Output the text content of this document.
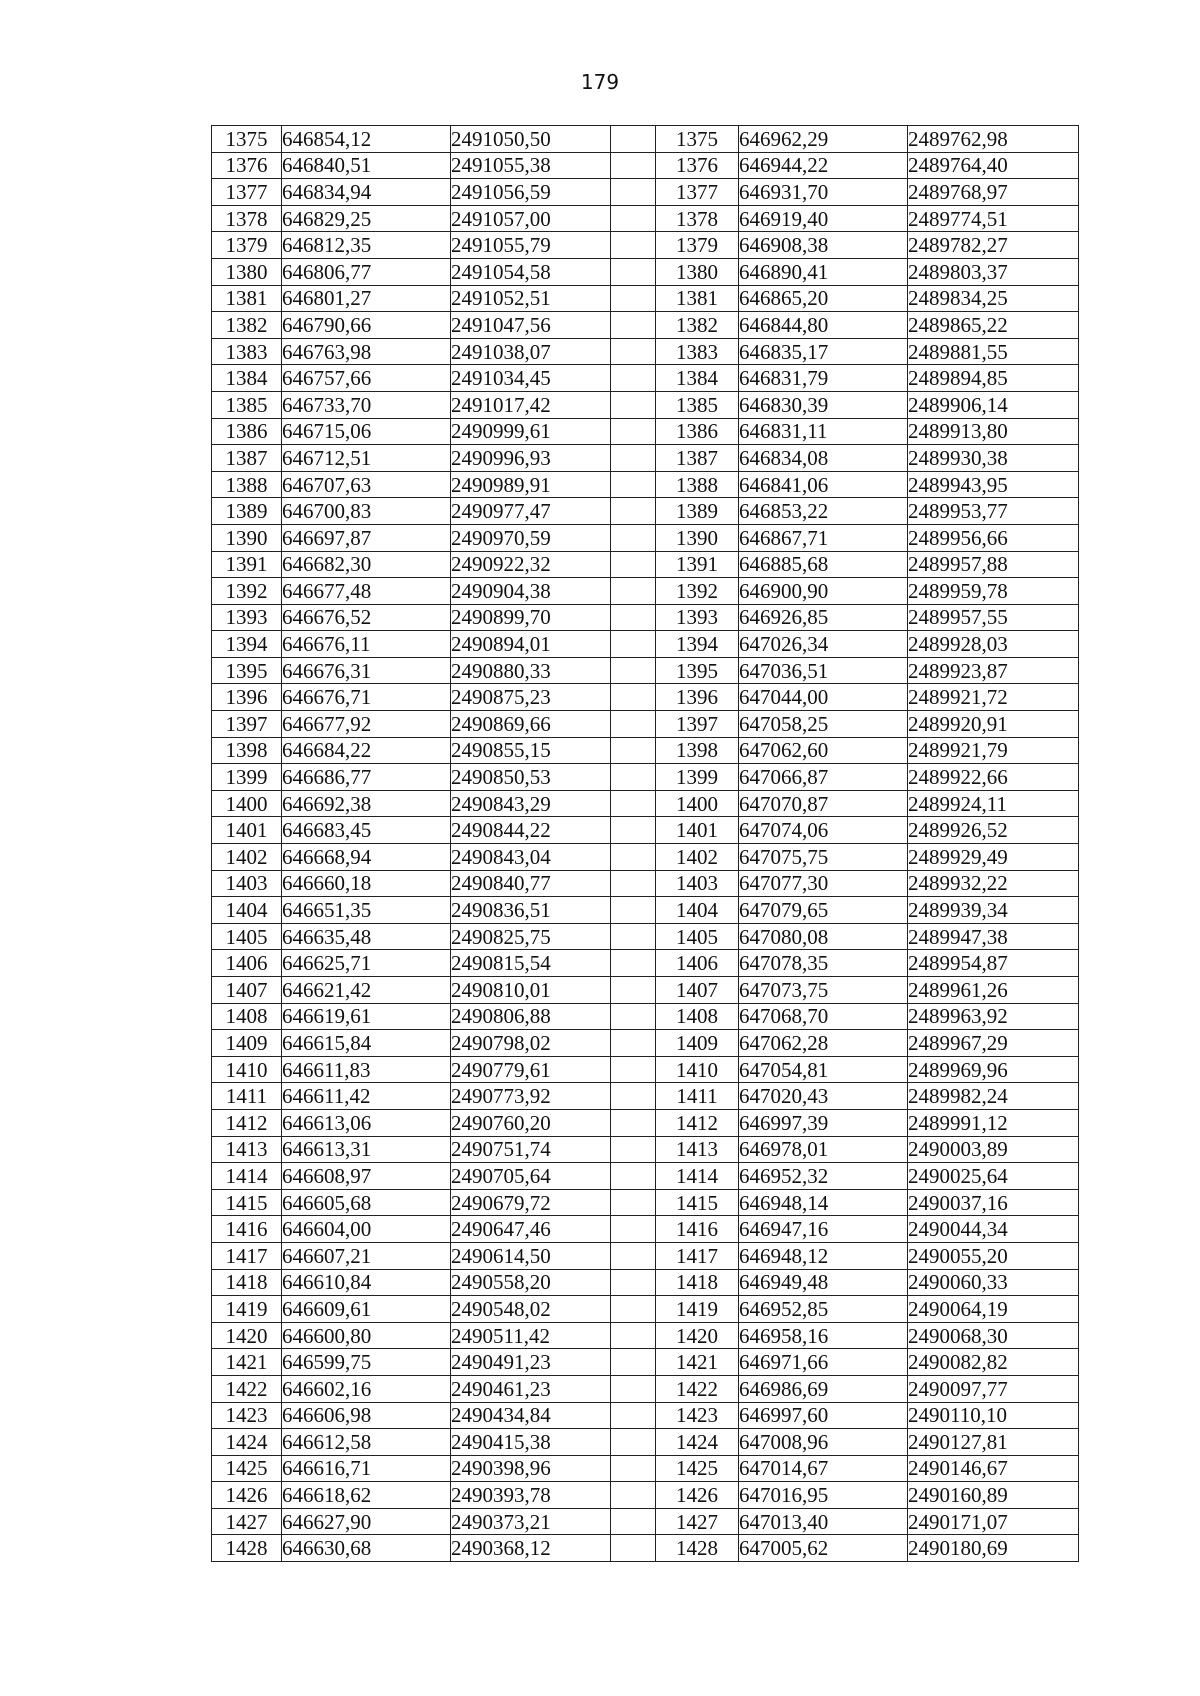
179
1375	646854,12	2491050,50		1375	646962,29	2489762,98
1376	646840,51	2491055,38		1376	646944,22	2489764,40
1377	646834,94	2491056,59		1377	646931,70	2489768,97
1378	646829,25	2491057,00		1378	646919,40	2489774,51
1379	646812,35	2491055,79		1379	646908,38	2489782,27
1380	646806,77	2491054,58		1380	646890,41	2489803,37
1381	646801,27	2491052,51		1381	646865,20	2489834,25
1382	646790,66	2491047,56		1382	646844,80	2489865,22
1383	646763,98	2491038,07		1383	646835,17	2489881,55
1384	646757,66	2491034,45		1384	646831,79	2489894,85
1385	646733,70	2491017,42		1385	646830,39	2489906,14
1386	646715,06	2490999,61		1386	646831,11	2489913,80
1387	646712,51	2490996,93		1387	646834,08	2489930,38
1388	646707,63	2490989,91		1388	646841,06	2489943,95
1389	646700,83	2490977,47		1389	646853,22	2489953,77
1390	646697,87	2490970,59		1390	646867,71	2489956,66
1391	646682,30	2490922,32		1391	646885,68	2489957,88
1392	646677,48	2490904,38		1392	646900,90	2489959,78
1393	646676,52	2490899,70		1393	646926,85	2489957,55
1394	646676,11	2490894,01		1394	647026,34	2489928,03
1395	646676,31	2490880,33		1395	647036,51	2489923,87
1396	646676,71	2490875,23		1396	647044,00	2489921,72
1397	646677,92	2490869,66		1397	647058,25	2489920,91
1398	646684,22	2490855,15		1398	647062,60	2489921,79
1399	646686,77	2490850,53		1399	647066,87	2489922,66
1400	646692,38	2490843,29		1400	647070,87	2489924,11
1401	646683,45	2490844,22		1401	647074,06	2489926,52
1402	646668,94	2490843,04		1402	647075,75	2489929,49
1403	646660,18	2490840,77		1403	647077,30	2489932,22
1404	646651,35	2490836,51		1404	647079,65	2489939,34
1405	646635,48	2490825,75		1405	647080,08	2489947,38
1406	646625,71	2490815,54		1406	647078,35	2489954,87
1407	646621,42	2490810,01		1407	647073,75	2489961,26
1408	646619,61	2490806,88		1408	647068,70	2489963,92
1409	646615,84	2490798,02		1409	647062,28	2489967,29
1410	646611,83	2490779,61		1410	647054,81	2489969,96
1411	646611,42	2490773,92		1411	647020,43	2489982,24
1412	646613,06	2490760,20		1412	646997,39	2489991,12
1413	646613,31	2490751,74		1413	646978,01	2490003,89
1414	646608,97	2490705,64		1414	646952,32	2490025,64
1415	646605,68	2490679,72		1415	646948,14	2490037,16
1416	646604,00	2490647,46		1416	646947,16	2490044,34
1417	646607,21	2490614,50		1417	646948,12	2490055,20
1418	646610,84	2490558,20		1418	646949,48	2490060,33
1419	646609,61	2490548,02		1419	646952,85	2490064,19
1420	646600,80	2490511,42		1420	646958,16	2490068,30
1421	646599,75	2490491,23		1421	646971,66	2490082,82
1422	646602,16	2490461,23		1422	646986,69	2490097,77
1423	646606,98	2490434,84		1423	646997,60	2490110,10
1424	646612,58	2490415,38		1424	647008,96	2490127,81
1425	646616,71	2490398,96		1425	647014,67	2490146,67
1426	646618,62	2490393,78		1426	647016,95	2490160,89
1427	646627,90	2490373,21		1427	647013,40	2490171,07
1428	646630,68	2490368,12		1428	647005,62	2490180,69
